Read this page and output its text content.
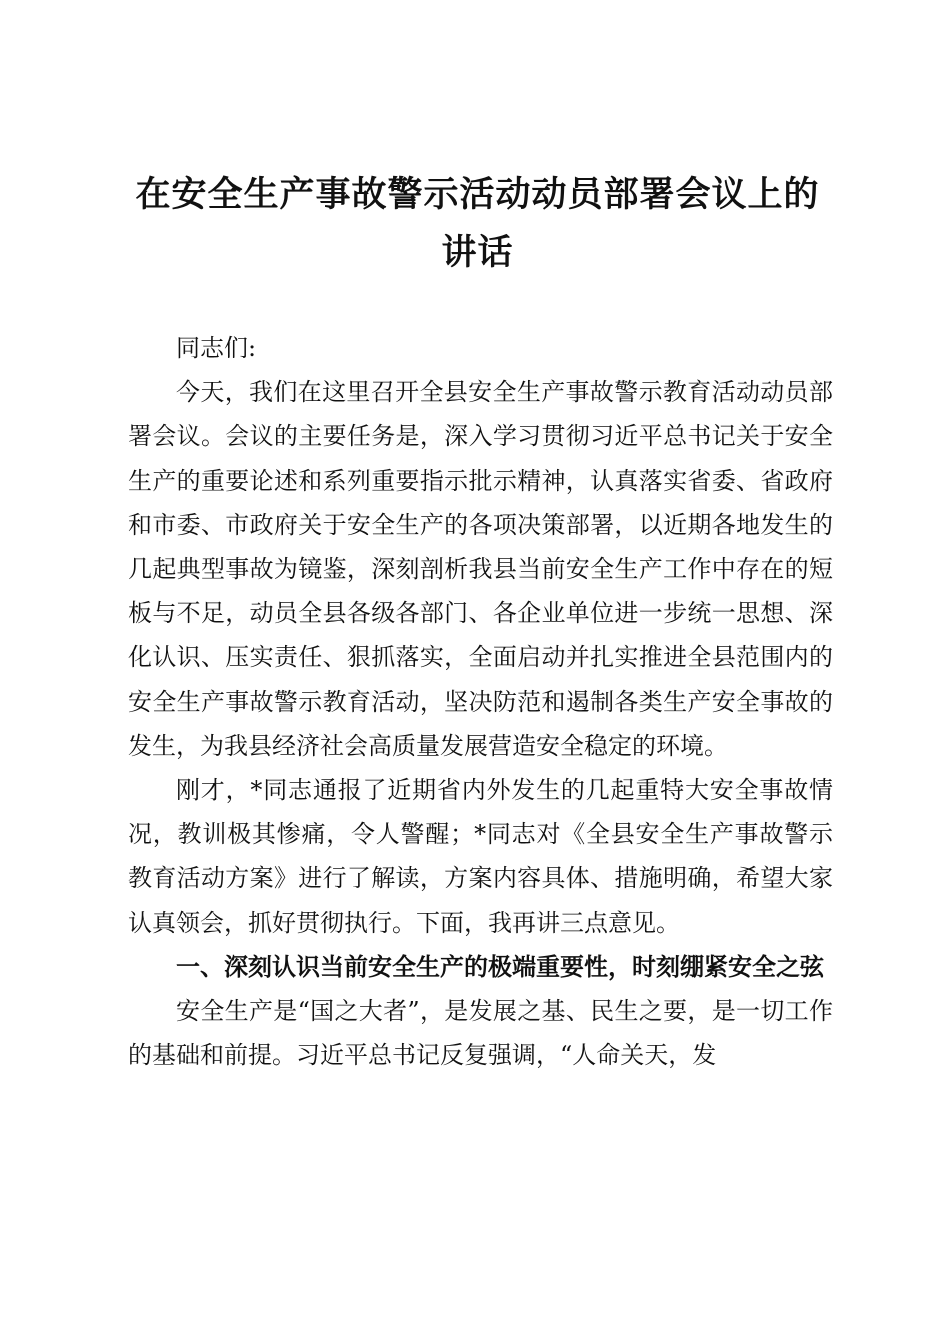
在安全生产事故警示活动动员部署会议上的讲话

同志们:

今天，我们在这里召开全县安全生产事故警示教育活动动员部署会议。会议的主要任务是，深入学习贯彻习近平总书记关于安全生产的重要论述和系列重要指示批示精神，认真落实省委、省政府和市委、市政府关于安全生产的各项决策部署，以近期各地发生的几起典型事故为镜鉴，深刻剖析我县当前安全生产工作中存在的短板与不足，动员全县各级各部门、各企业单位进一步统一思想、深化认识、压实责任、狠抓落实，全面启动并扎实推进全县范围内的安全生产事故警示教育活动，坚决防范和遏制各类生产安全事故的发生，为我县经济社会高质量发展营造安全稳定的环境。

刚才，*同志通报了近期省内外发生的几起重特大安全事故情况，教训极其惨痛，令人警醒；*同志对《全县安全生产事故警示教育活动方案》进行了解读，方案内容具体、措施明确，希望大家认真领会，抓好贯彻执行。下面，我再讲三点意见。

一、深刻认识当前安全生产的极端重要性，时刻绷紧安全之弦

安全生产是“国之大者”，是发展之基、民生之要，是一切工作的基础和前提。习近平总书记反复强调，“人命关天，发
